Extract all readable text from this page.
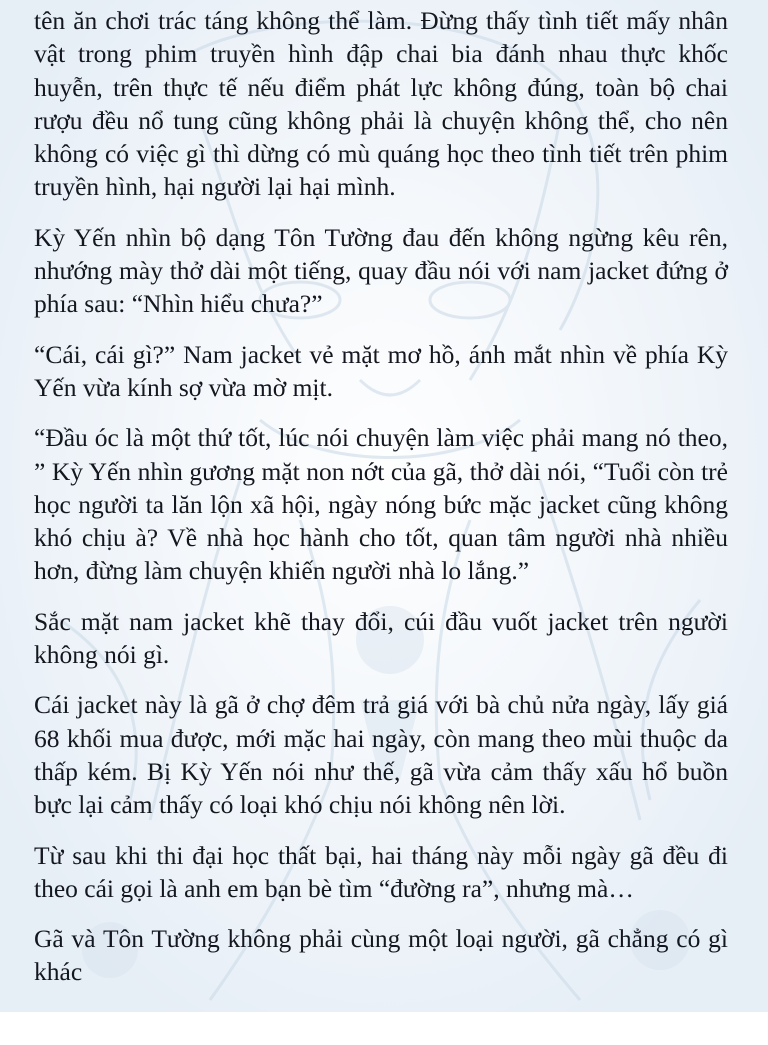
tên ăn chơi trác táng không thể làm. Đừng thấy tình tiết mấy nhân vật trong phim truyền hình đập chai bia đánh nhau thực khốc huyễn, trên thực tế nếu điểm phát lực không đúng, toàn bộ chai rượu đều nổ tung cũng không phải là chuyện không thể, cho nên không có việc gì thì dừng có mù quáng học theo tình tiết trên phim truyền hình, hại người lại hại mình.

Kỳ Yến nhìn bộ dạng Tôn Tường đau đến không ngừng kêu rên, nhướng mày thở dài một tiếng, quay đầu nói với nam jacket đứng ở phía sau: “Nhìn hiểu chưa?”

“Cái, cái gì?” Nam jacket vẻ mặt mơ hồ, ánh mắt nhìn về phía Kỳ Yến vừa kính sợ vừa mờ mịt.

“Đầu óc là một thứ tốt, lúc nói chuyện làm việc phải mang nó theo, ” Kỳ Yến nhìn gương mặt non nớt của gã, thở dài nói, “Tuổi còn trẻ học người ta lăn lộn xã hội, ngày nóng bức mặc jacket cũng không khó chịu à? Về nhà học hành cho tốt, quan tâm người nhà nhiều hơn, đừng làm chuyện khiến người nhà lo lắng.”

Sắc mặt nam jacket khẽ thay đổi, cúi đầu vuốt jacket trên người không nói gì.

Cái jacket này là gã ở chợ đêm trả giá với bà chủ nửa ngày, lấy giá 68 khối mua được, mới mặc hai ngày, còn mang theo mùi thuộc da thấp kém. Bị Kỳ Yến nói như thế, gã vừa cảm thấy xấu hổ buồn bực lại cảm thấy có loại khó chịu nói không nên lời.

Từ sau khi thi đại học thất bại, hai tháng này mỗi ngày gã đều đi theo cái gọi là anh em bạn bè tìm “đường ra”, nhưng mà…

Gã và Tôn Tường không phải cùng một loại người, gã chẳng có gì khác
